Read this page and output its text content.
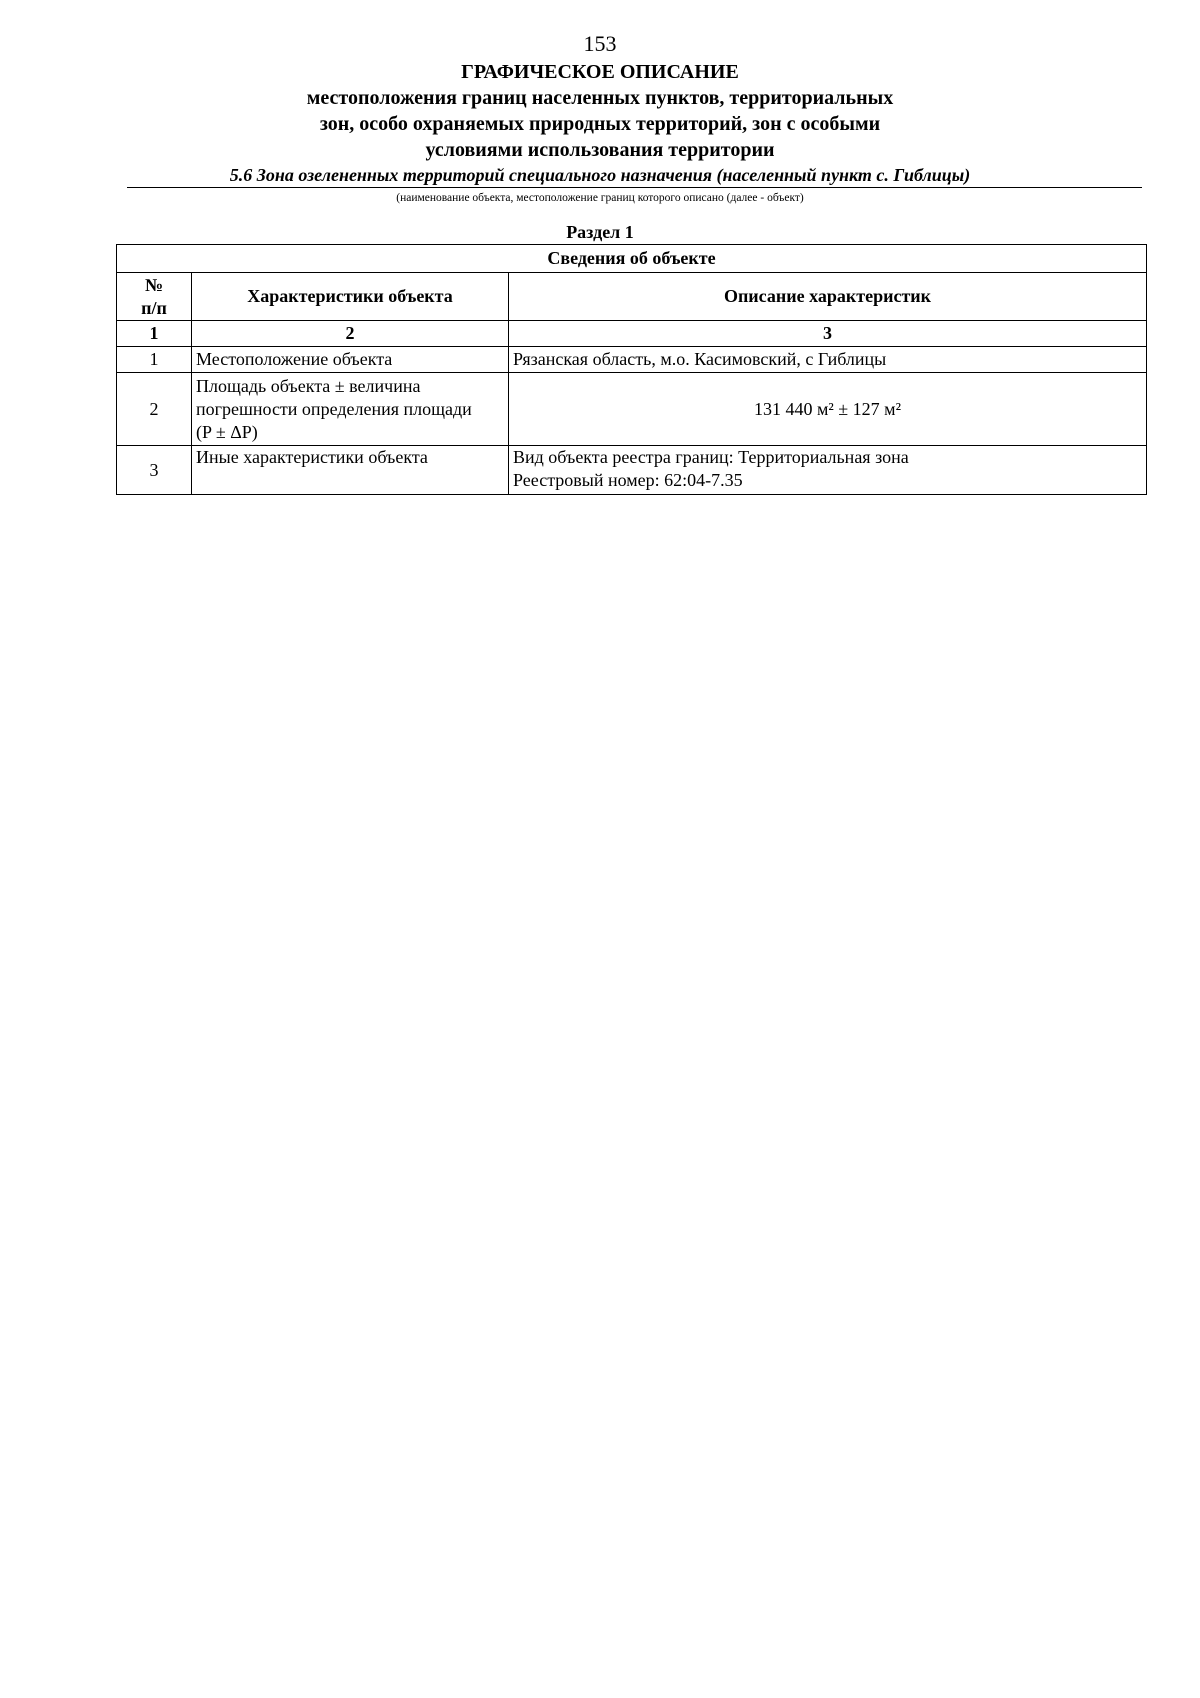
153
ГРАФИЧЕСКОЕ ОПИСАНИЕ
местоположения границ населенных пунктов, территориальных
зон, особо охраняемых природных территорий, зон с особыми
условиями использования территории
5.6 Зона озелененных территорий специального назначения (населенный пункт с. Гиблицы)
(наименование объекта, местоположение границ которого описано (далее - объект)
Раздел 1
Сведения об объекте		
№
п/п	Характеристики объекта	Описание характеристик
1	2	3
1	Местоположение объекта	Рязанская область, м.о. Касимовский, с Гиблицы
2	Площадь объекта ± величина
погрешности определения площади
(P ± ΔP)	131 440 м² ± 127 м²
3	Иные характеристики объекта	Вид объекта реестра границ: Территориальная зона
Реестровый номер: 62:04-7.35
